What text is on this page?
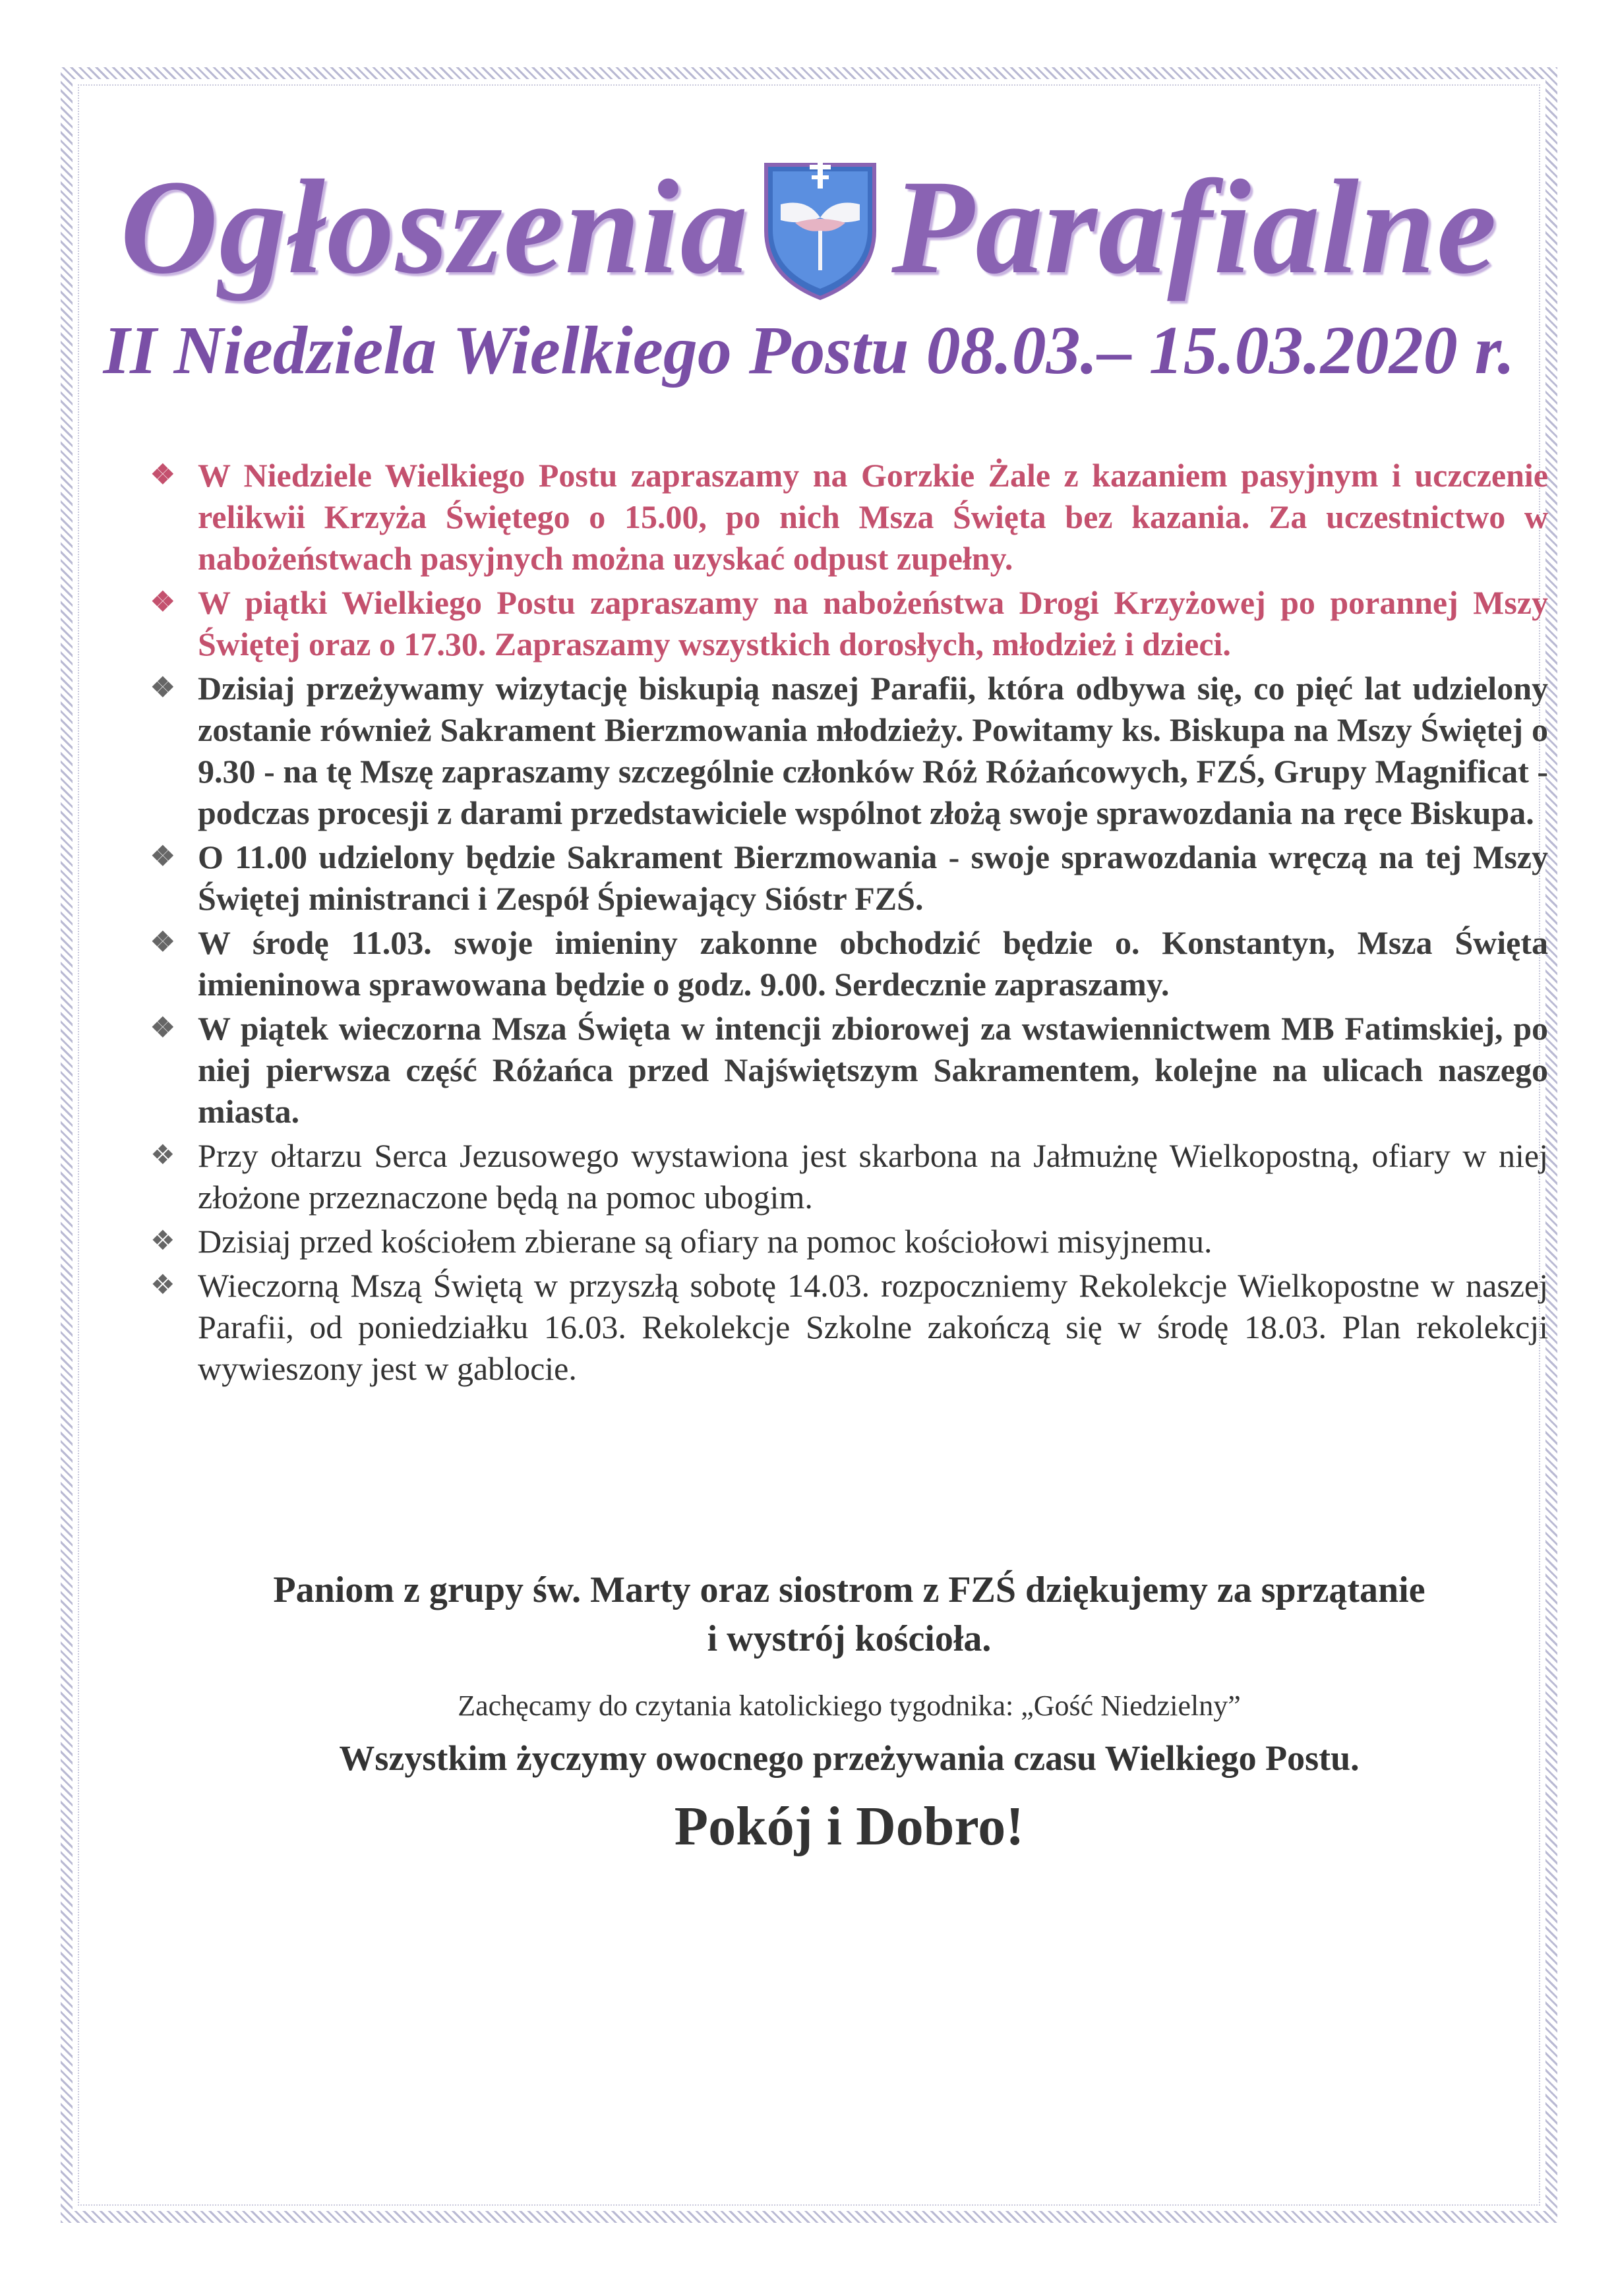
Ogłoszenia Parafialne
II Niedziela Wielkiego Postu 08.03.– 15.03.2020 r.
❖ W Niedziele Wielkiego Postu zapraszamy na Gorzkie Żale z kazaniem pasyjnym i uczczenie relikwii Krzyża Świętego o 15.00, po nich Msza Święta bez kazania. Za uczestnictwo w nabożeństwach pasyjnych można uzyskać odpust zupełny.
❖ W piątki Wielkiego Postu zapraszamy na nabożeństwa Drogi Krzyżowej po porannej Mszy Świętej oraz o 17.30. Zapraszamy wszystkich dorosłych, młodzież i dzieci.
❖ Dzisiaj przeżywamy wizytację biskupią naszej Parafii, która odbywa się, co pięć lat udzielony zostanie również Sakrament Bierzmowania młodzieży. Powitamy ks. Biskupa na Mszy Świętej o 9.30 - na tę Mszę zapraszamy szczególnie członków Róż Różańcowych, FZŚ, Grupy Magnificat - podczas procesji z darami przedstawiciele wspólnot złożą swoje sprawozdania na ręce Biskupa.
❖ O 11.00 udzielony będzie Sakrament Bierzmowania - swoje sprawozdania wręczą na tej Mszy Świętej ministranci i Zespół Śpiewający Sióstr FZŚ.
❖ W środę 11.03. swoje imieniny zakonne obchodzić będzie o. Konstantyn, Msza Święta imieninowa sprawowana będzie o godz. 9.00. Serdecznie zapraszamy.
❖ W piątek wieczorna Msza Święta w intencji zbiorowej za wstawiennictwem MB Fatimskiej, po niej pierwsza część Różańca przed Najświętszym Sakramentem, kolejne na ulicach naszego miasta.
❖ Przy ołtarzu Serca Jezusowego wystawiona jest skarbona na Jałmużnę Wielkopostną, ofiary w niej złożone przeznaczone będą na pomoc ubogim.
❖ Dzisiaj przed kościołem zbierane są ofiary na pomoc kościołowi misyjnemu.
❖ Wieczorną Mszą Świętą w przyszłą sobotę 14.03. rozpoczniemy Rekolekcje Wielkopostne w naszej Parafii, od poniedziałku 16.03. Rekolekcje Szkolne zakończą się w środę 18.03. Plan rekolekcji wywieszony jest w gablocie.
Paniom z grupy św. Marty oraz siostrom z FZŚ dziękujemy za sprzątanie
i wystrój kościoła.
Zachęcamy do czytania katolickiego tygodnika: „Gość Niedzielny”
Wszystkim życzymy owocnego przeżywania czasu Wielkiego Postu.
Pokój i Dobro!
